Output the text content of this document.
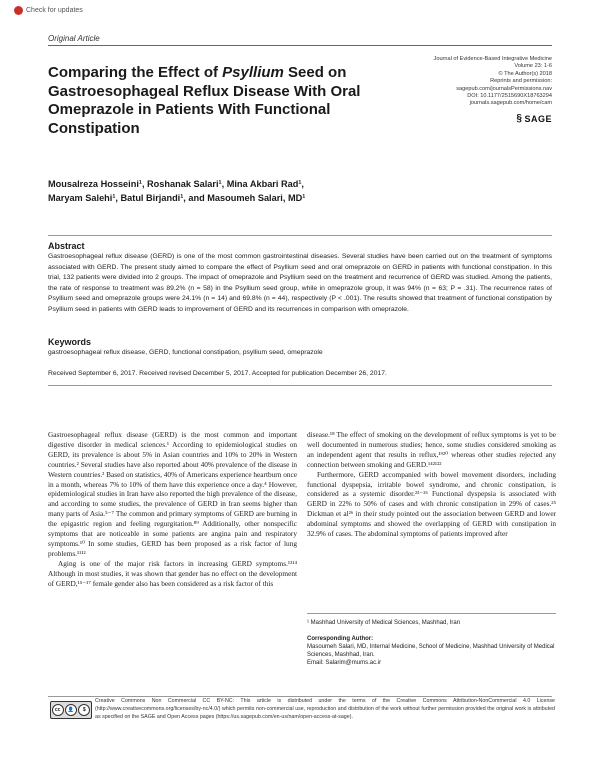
Check for updates
Original Article
Comparing the Effect of Psyllium Seed on Gastroesophageal Reflux Disease With Oral Omeprazole in Patients With Functional Constipation
Journal of Evidence-Based Integrative Medicine
Volume 23: 1-6
© The Author(s) 2018
Reprints and permission:
sagepub.com/journalsPermissions.nav
DOI: 10.1177/2515690X18763294
journals.sagepub.com/home/cam
§ SAGE
Mousalreza Hosseini¹, Roshanak Salari¹, Mina Akbari Rad¹,
Maryam Salehi¹, Batul Birjandi¹, and Masoumeh Salari, MD¹
Abstract
Gastroesophageal reflux disease (GERD) is one of the most common gastrointestinal diseases. Several studies have been carried out on the treatment of symptoms associated with GERD. The present study aimed to compare the effect of Psyllium seed and oral omeprazole on GERD in patients with functional constipation. In this trial, 132 patients were divided into 2 groups. The impact of omeprazole and Psyllium seed on the treatment and recurrence of GERD was studied. Among the patients, the rate of response to treatment was 89.2% (n = 58) in the Psyllium seed group, while in omeprazole group, it was 94% (n = 63; P = .31). The recurrence rates of Psyllium seed and omeprazole groups were 24.1% (n = 14) and 69.8% (n = 44), respectively (P < .001). The results showed that treatment of functional constipation by Psyllium seed in patients with GERD leads to improvement of GERD and its recurrences in comparison with omeprazole.
Keywords
gastroesophageal reflux disease, GERD, functional constipation, psyllium seed, omeprazole
Received September 6, 2017. Received revised December 5, 2017. Accepted for publication December 26, 2017.

Gastroesophageal reflux disease (GERD) is the most common and important digestive disorder in medical sciences.¹ According to epidemiological studies on GERD, its prevalence is about 5% in Asian countries and 10% to 20% in Western countries.² Several studies have also reported about 40% prevalence of the disease in Western countries.³ Based on statistics, 40% of Americans experience heartburn once in a month, whereas 7% to 10% of them have this experience once a day.⁴ However, epidemiological studies in Iran have also reported the high prevalence of the disease, and according to some studies, the prevalence of GERD in Iran seems higher than many parts of Asia.⁵⁻⁷ The common and primary symptoms of GERD are burning in the epigastric region and feeling regurgitation.⁸⁹ Additionally, other nonspecific symptoms that are noticeable in some patients are angina pain and respiratory symptoms.¹⁰ In some studies, GERD has been proposed as a risk factor of lung problems.¹¹¹²

Aging is one of the major risk factors in increasing GERD symptoms.¹³¹⁴ Although in most studies, it was shown that gender has no effect on the development of GERD,¹⁵⁻¹⁷ female gender also has been considered as a risk factor of this

disease.¹⁸ The effect of smoking on the development of reflux symptoms is yet to be well documented in numerous studies; hence, some studies considered smoking as an independent agent that results in reflux,¹⁹²⁰ whereas other studies rejected any connection between smoking and GERD.¹⁴²¹²²

Furthermore, GERD accompanied with bowel movement disorders, including functional dyspepsia, irritable bowel syndrome, and chronic constipation, is considered as a systemic disorder.²³⁻²⁶ Functional dyspepsia is associated with GERD in 22% to 50% of cases and with chronic constipation in 29% of cases.²⁵ Dickman et al²⁶ in their study pointed out the association between GERD and lower abdominal symptoms and showed the overlapping of GERD with constipation in 32.9% of cases. The abdominal symptoms of patients improved after

¹ Mashhad University of Medical Sciences, Mashhad, Iran
Corresponding Author:
Masoumeh Salari, MD, Internal Medicine, School of Medicine, Mashhad University of Medical Sciences, Mashhad, Iran.
Email: Salarim@mums.ac.ir
cc	👤	$
Creative Commons Non Commercial CC BY-NC: This article is distributed under the terms of the Creative Commons Attribution-NonCommercial 4.0 License (http://www.creativecommons.org/licenses/by-nc/4.0/) which permits non-commercial use, reproduction and distribution of the work without further permission provided the original work is attributed as specified on the SAGE and Open Access pages (https://us.sagepub.com/en-us/nam/open-access-at-sage).
